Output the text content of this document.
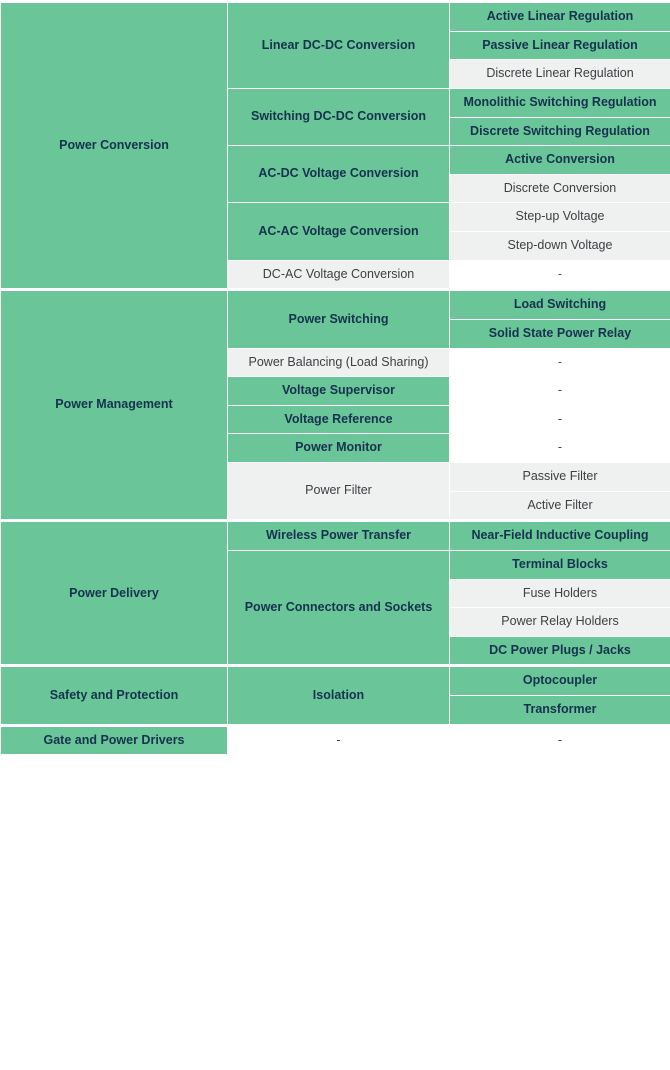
Power Conversion	Linear DC-DC Conversion	Active Linear Regulation
		Passive Linear Regulation
		Discrete Linear Regulation
	Switching DC-DC Conversion	Monolithic Switching Regulation
		Discrete Switching Regulation
	AC-DC Voltage Conversion	Active Conversion
		Discrete Conversion
	AC-AC Voltage Conversion	Step-up Voltage
		Step-down Voltage
	DC-AC Voltage Conversion	-
Power Management	Power Switching	Load Switching
		Solid State Power Relay
	Power Balancing (Load Sharing)	-
	Voltage Supervisor	-
	Voltage Reference	-
	Power Monitor	-
	Power Filter	Passive Filter
		Active Filter
Power Delivery	Wireless Power Transfer	Near-Field Inductive Coupling
	Power Connectors and Sockets	Terminal Blocks
		Fuse Holders
		Power Relay Holders
		DC Power Plugs / Jacks
Safety and Protection	Isolation	Optocoupler
		Transformer
Gate and Power Drivers	-	-
